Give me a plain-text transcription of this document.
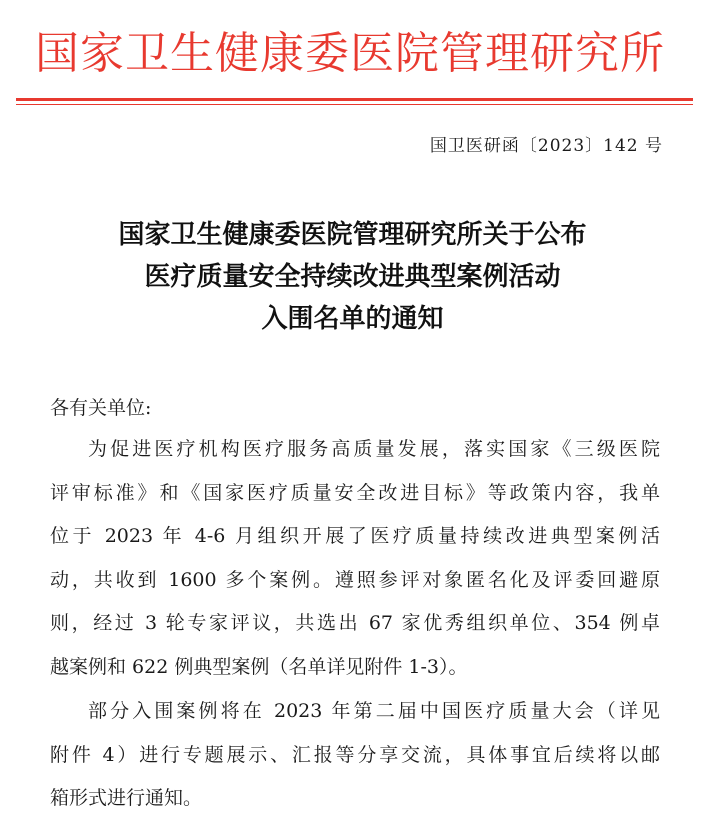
国家卫生健康委医院管理研究所
国卫医研函〔2023〕142 号
国家卫生健康委医院管理研究所关于公布
医疗质量安全持续改进典型案例活动
入围名单的通知
各有关单位:
为促进医疗机构医疗服务高质量发展，落实国家《三级医院
评审标准》和《国家医疗质量安全改进目标》等政策内容，我单
位于 2023 年 4-6 月组织开展了医疗质量持续改进典型案例活
动，共收到 1600 多个案例。遵照参评对象匿名化及评委回避原
则，经过 3 轮专家评议，共选出 67 家优秀组织单位、354 例卓
越案例和 622 例典型案例（名单详见附件 1-3）。
部分入围案例将在 2023 年第二届中国医疗质量大会（详见
附件 4）进行专题展示、汇报等分享交流，具体事宜后续将以邮
箱形式进行通知。
